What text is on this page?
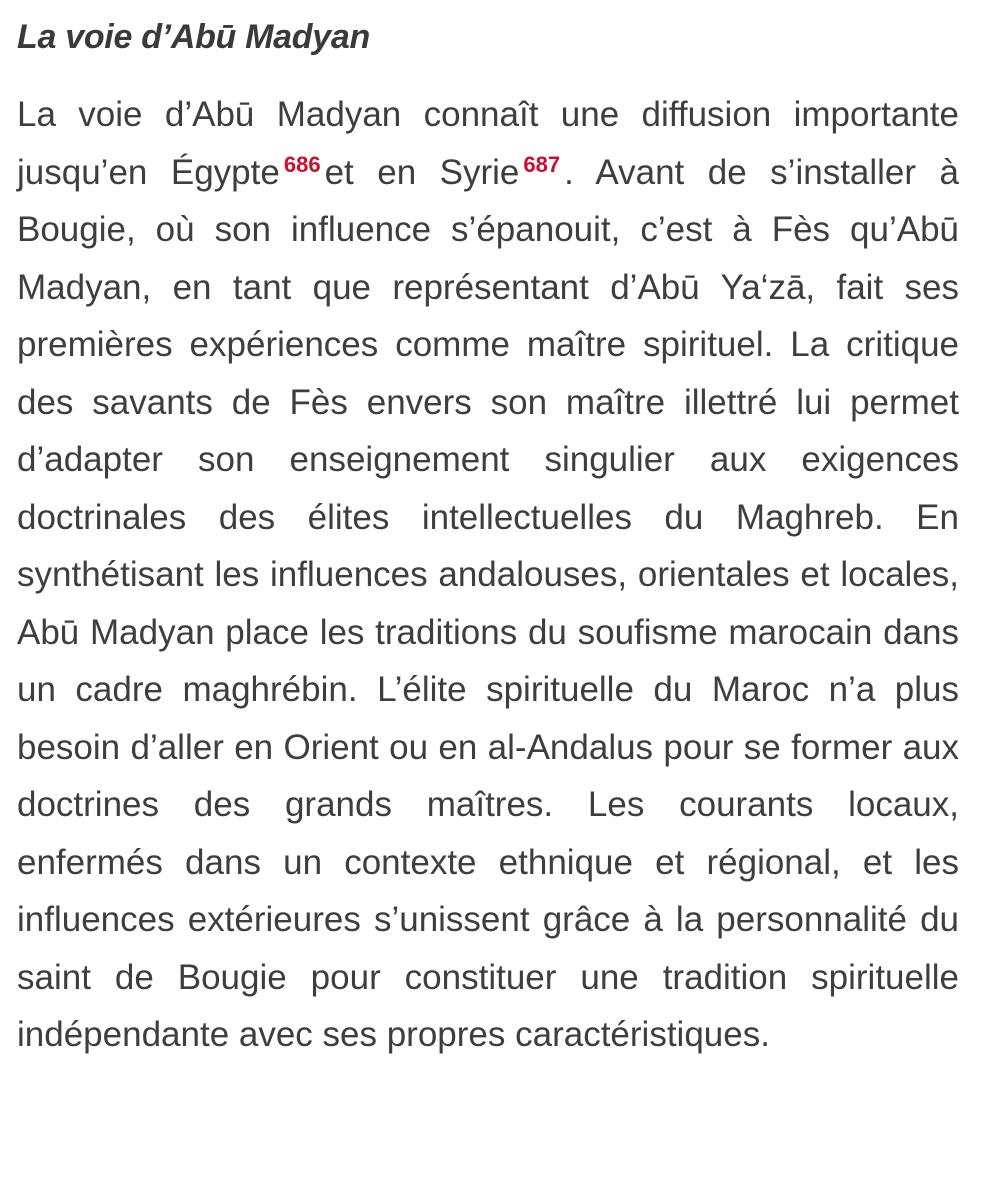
La voie d’Abū Madyan

La voie d’Abū Madyan connaît une diffusion importante jusqu’en Égypte $^{686}$ et en Syrie $^{687}$ . Avant de s’installer à Bougie, où son influence s’épanouit, c’est à Fès qu’Abū Madyan, en tant que représentant d’Abū Ya‘zā, fait ses premières expériences comme maître spirituel. La critique des savants de Fès envers son maître illettré lui permet d’adapter son enseignement singulier aux exigences doctrinales des élites intellectuelles du Maghreb. En synthétisant les influences andalouses, orientales et locales, Abū Madyan place les traditions du soufisme marocain dans un cadre maghrébin. L’élite spirituelle du Maroc n’a plus besoin d’aller en Orient ou en al-Andalus pour se former aux doctrines des grands maîtres. Les courants locaux, enfermés dans un contexte ethnique et régional, et les influences extérieures s’unissent grâce à la personnalité du saint de Bougie pour constituer une tradition spirituelle indépendante avec ses propres caractéristiques.
